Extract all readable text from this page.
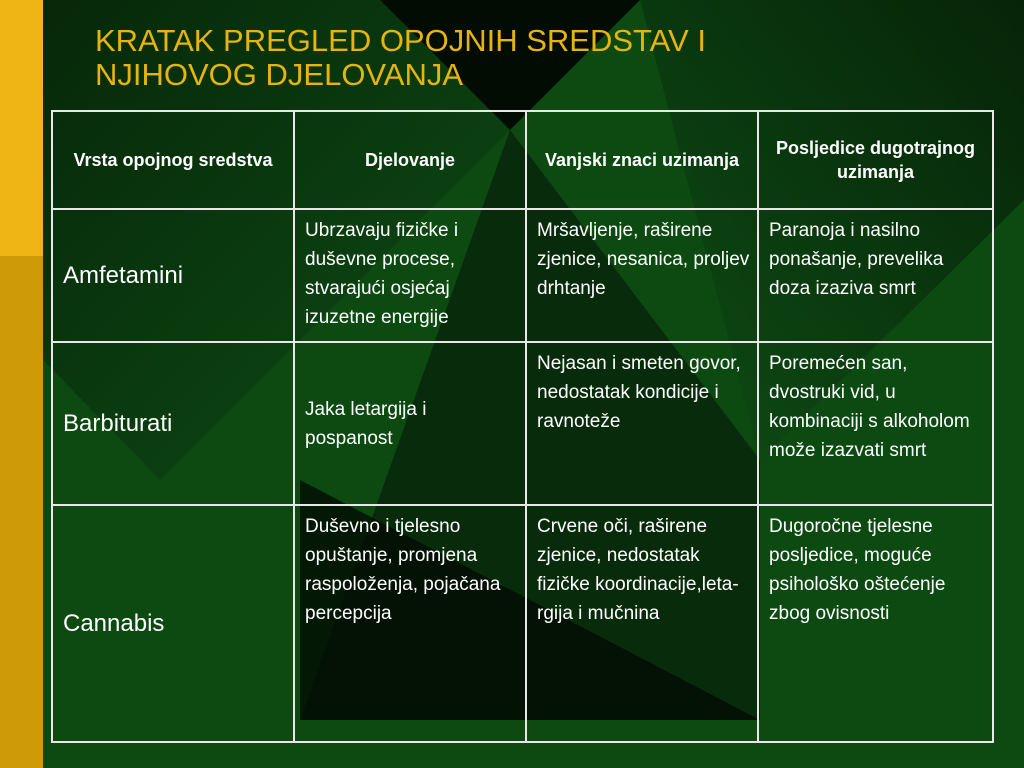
KRATAK PREGLED OPOJNIH SREDSTAV I
NJIHOVOG DJELOVANJA
Vrsta opojnog sredstva	Djelovanje	Vanjski znaci uzimanja	Posljedice dugotrajnog uzimanja
Amfetamini	Ubrzavaju fizičke i duševne procese, stvarajući osjećaj izuzetne energije	Mršavljenje, raširene zjenice, nesanica, proljev drhtanje	Paranoja i nasilno ponašanje, prevelika doza izaziva smrt
Barbiturati	Jaka letargija i pospanost	Nejasan i smeten govor, nedostatak kondicije i ravnoteže	Poremećen san, dvostruki vid, u kombinaciji s alkoholom može izazvati smrt
Cannabis	Duševno i tjelesno opuštanje, promjena raspoloženja, pojačana percepcija	Crvene oči, raširene zjenice, nedostatak fizičke koordinacije,leta-rgija i mučnina	Dugoročne tjelesne posljedice, moguće psihološko oštećenje zbog ovisnosti
